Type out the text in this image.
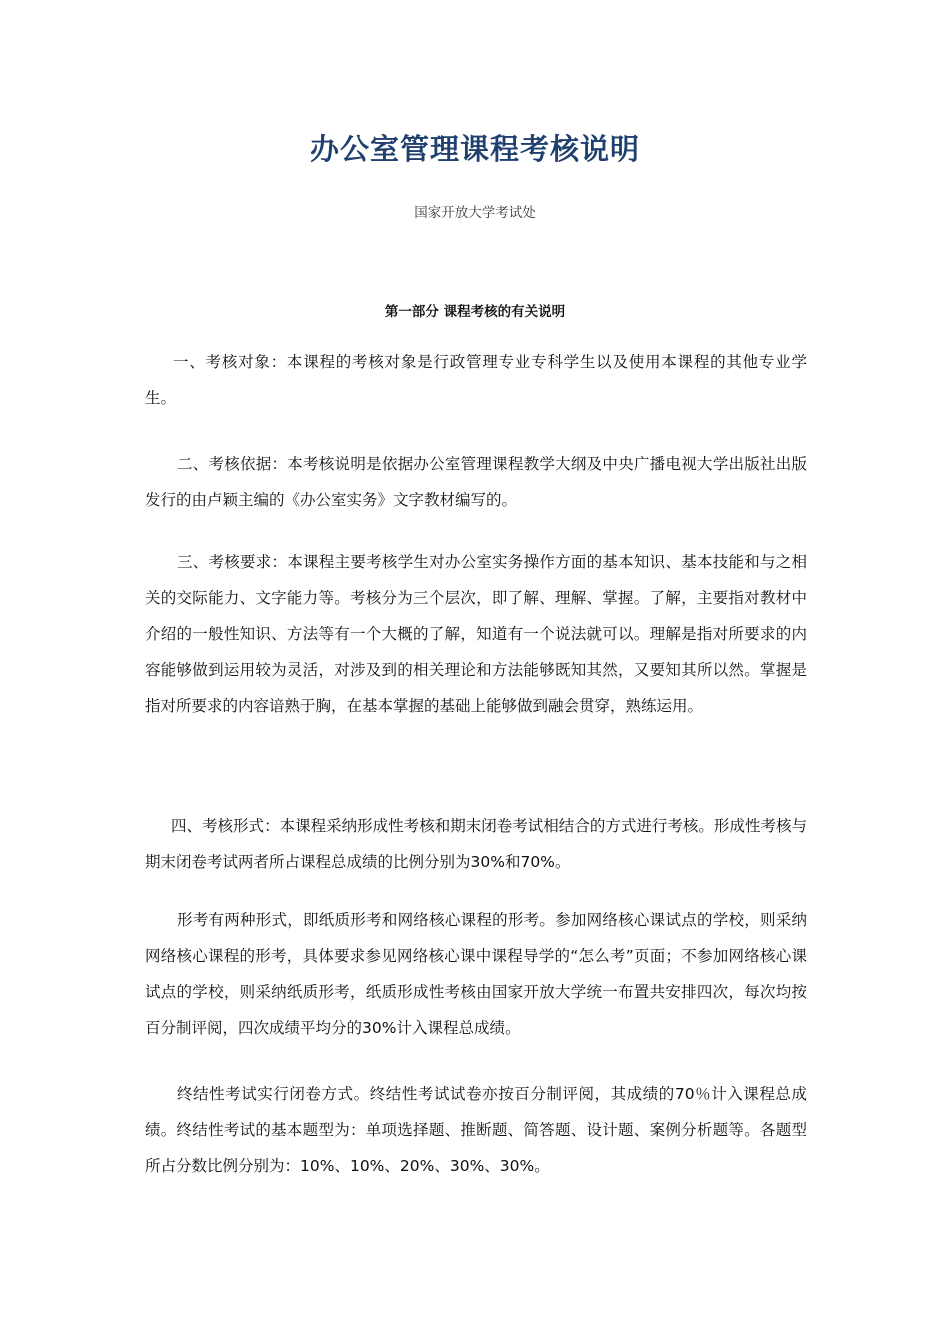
办公室管理课程考核说明

国家开放大学考试处

第一部分 课程考核的有关说明

一、考核对象：本课程的考核对象是行政管理专业专科学生以及使用本课程的其他专业学生。

二、考核依据：本考核说明是依据办公室管理课程教学大纲及中央广播电视大学出版社出版发行的由卢颖主编的《办公室实务》文字教材编写的。

三、考核要求：本课程主要考核学生对办公室实务操作方面的基本知识、基本技能和与之相关的交际能力、文字能力等。考核分为三个层次，即了解、理解、掌握。了解，主要指对教材中介绍的一般性知识、方法等有一个大概的了解，知道有一个说法就可以。理解是指对所要求的内容能够做到运用较为灵活，对涉及到的相关理论和方法能够既知其然，又要知其所以然。掌握是指对所要求的内容谙熟于胸，在基本掌握的基础上能够做到融会贯穿，熟练运用。

四、考核形式：本课程采纳形成性考核和期末闭卷考试相结合的方式进行考核。形成性考核与期末闭卷考试两者所占课程总成绩的比例分别为30%和70%。

形考有两种形式，即纸质形考和网络核心课程的形考。参加网络核心课试点的学校，则采纳网络核心课程的形考，具体要求参见网络核心课中课程导学的“怎么考”页面；不参加网络核心课试点的学校，则采纳纸质形考，纸质形成性考核由国家开放大学统一布置共安排四次，每次均按百分制评阅，四次成绩平均分的30%计入课程总成绩。

终结性考试实行闭卷方式。终结性考试试卷亦按百分制评阅，其成绩的70％计入课程总成绩。终结性考试的基本题型为：单项选择题、推断题、简答题、设计题、案例分析题等。各题型所占分数比例分别为：10%、10%、20%、30%、30%。
